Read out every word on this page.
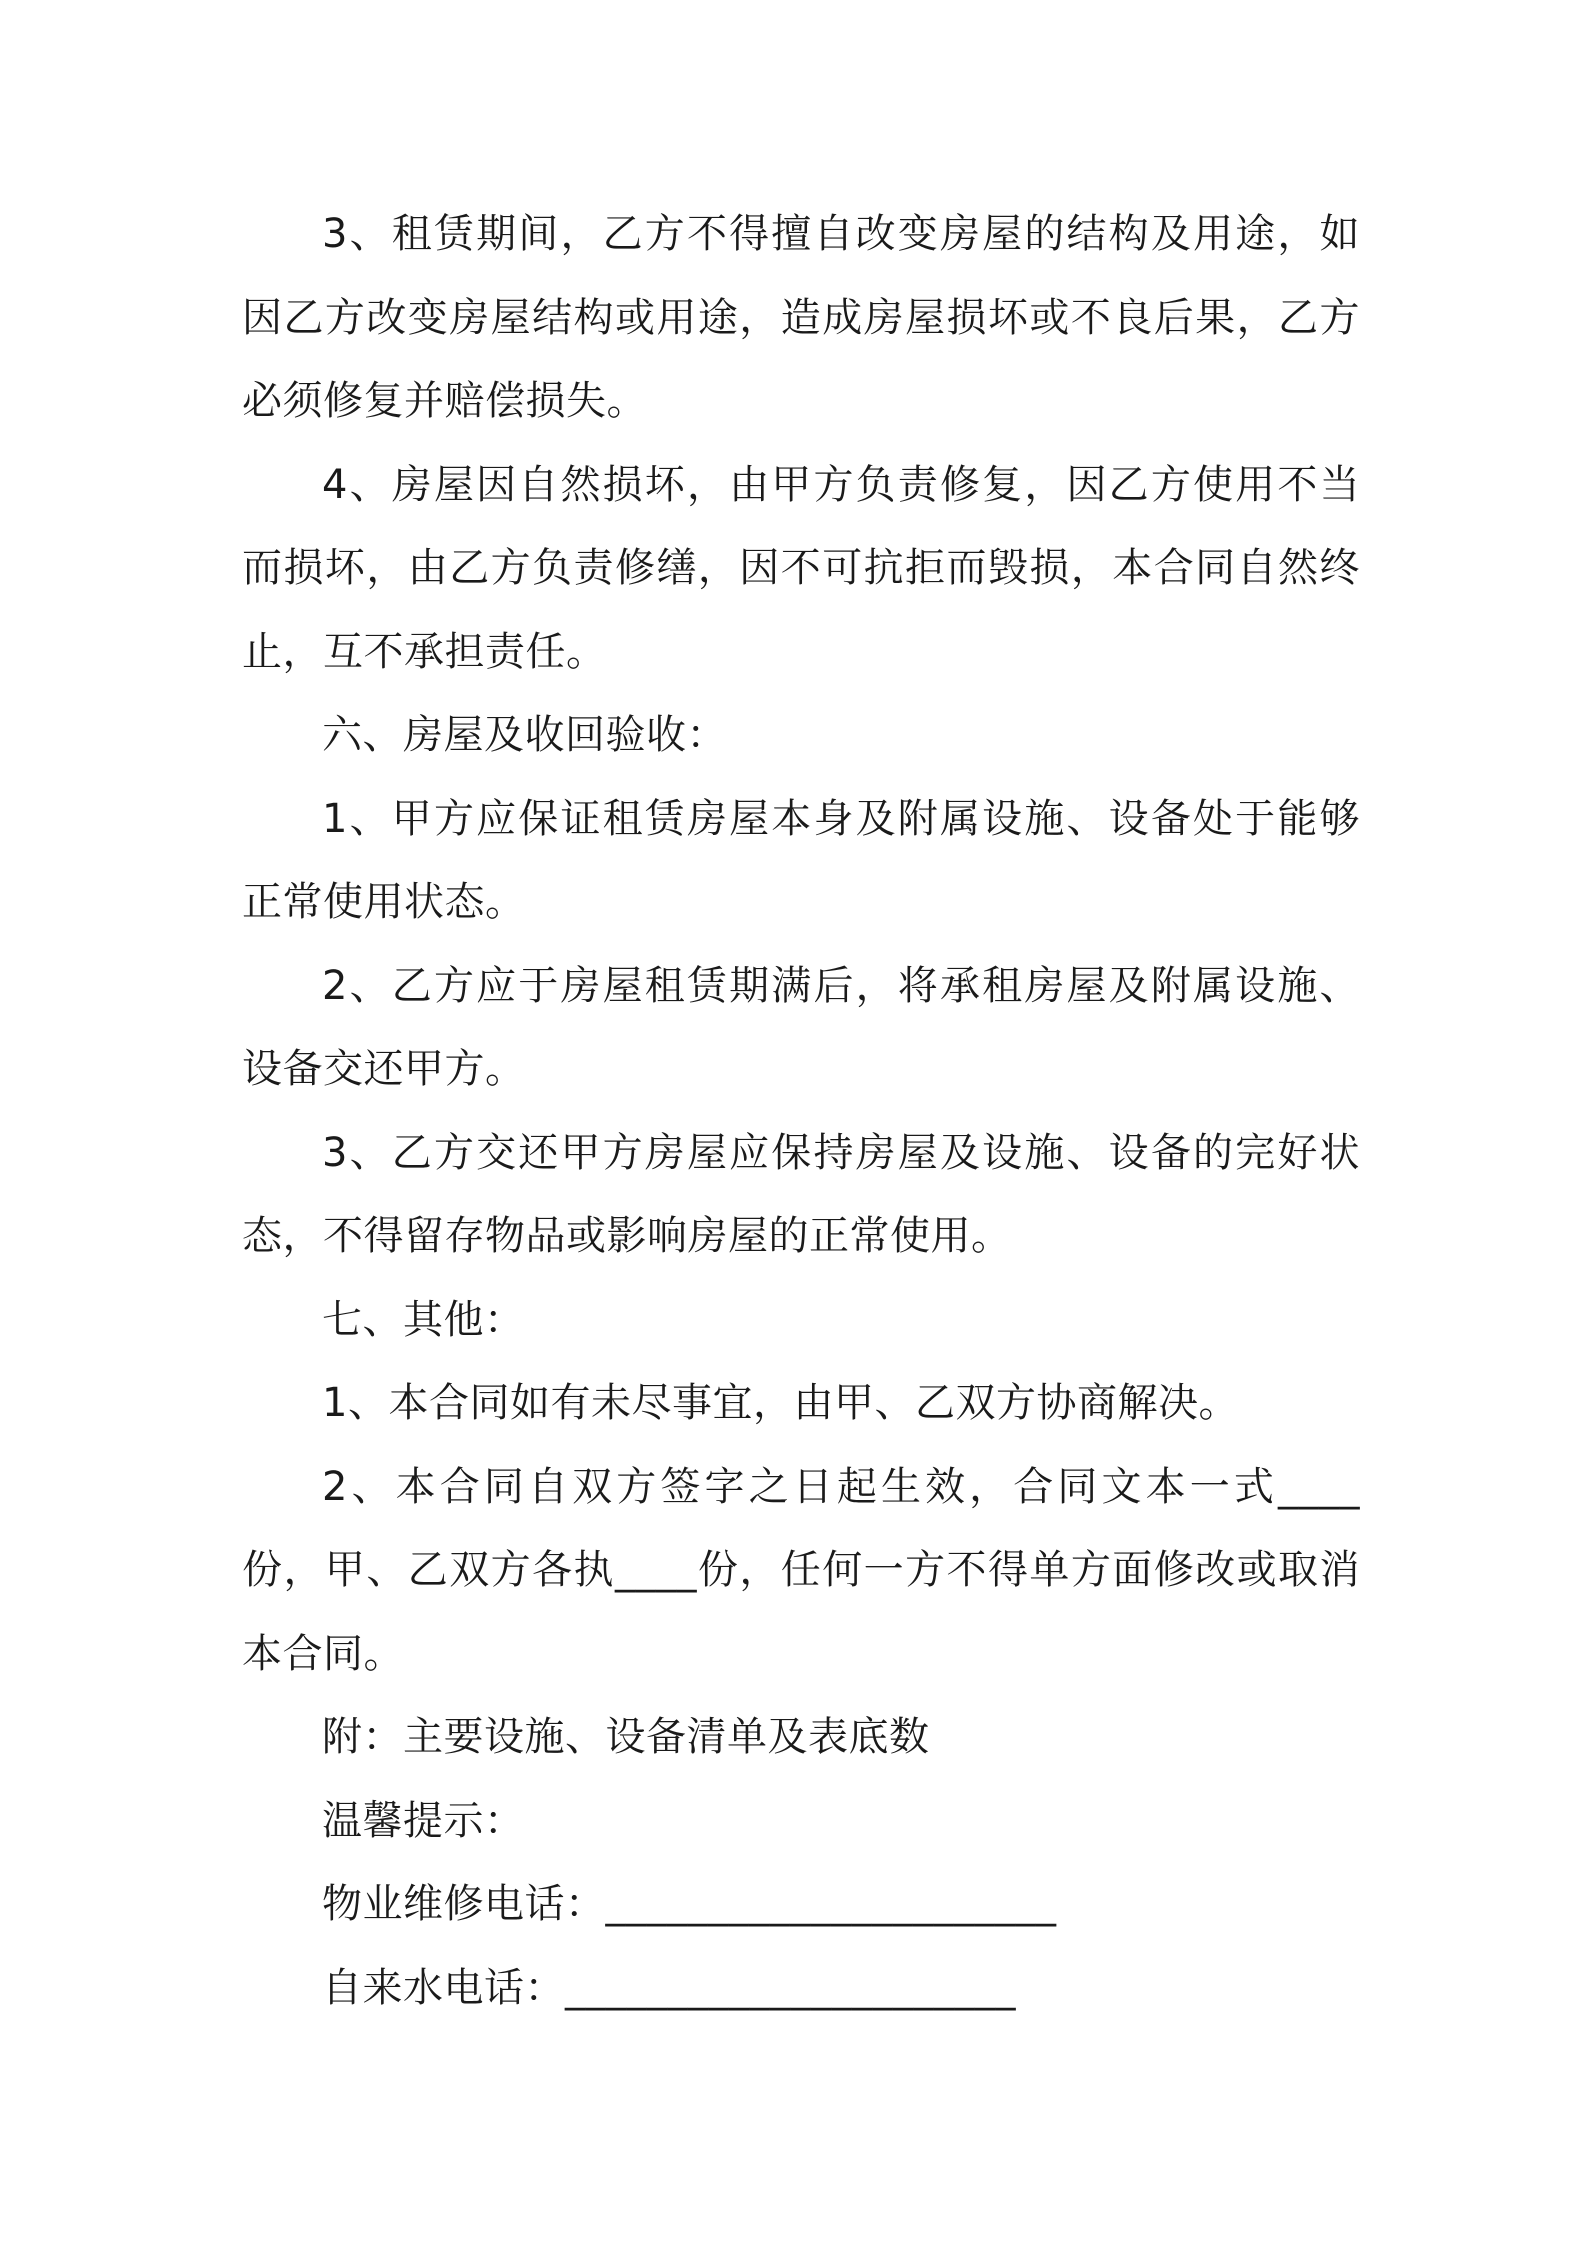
3、租赁期间，乙方不得擅自改变房屋的结构及用途，如因乙方改变房屋结构或用途，造成房屋损坏或不良后果，乙方必须修复并赔偿损失。

4、房屋因自然损坏，由甲方负责修复，因乙方使用不当而损坏，由乙方负责修缮，因不可抗拒而毁损，本合同自然终止，互不承担责任。

六、房屋及收回验收：

1、甲方应保证租赁房屋本身及附属设施、设备处于能够正常使用状态。

2、乙方应于房屋租赁期满后，将承租房屋及附属设施、设备交还甲方。

3、乙方交还甲方房屋应保持房屋及设施、设备的完好状态，不得留存物品或影响房屋的正常使用。

七、其他：

1、本合同如有未尽事宜，由甲、乙双方协商解决。

2、本合同自双方签字之日起生效，合同文本一式____份，甲、乙双方各执____份，任何一方不得单方面修改或取消本合同。

附：主要设施、设备清单及表底数

温馨提示：

物业维修电话：______________________

自来水电话：______________________
